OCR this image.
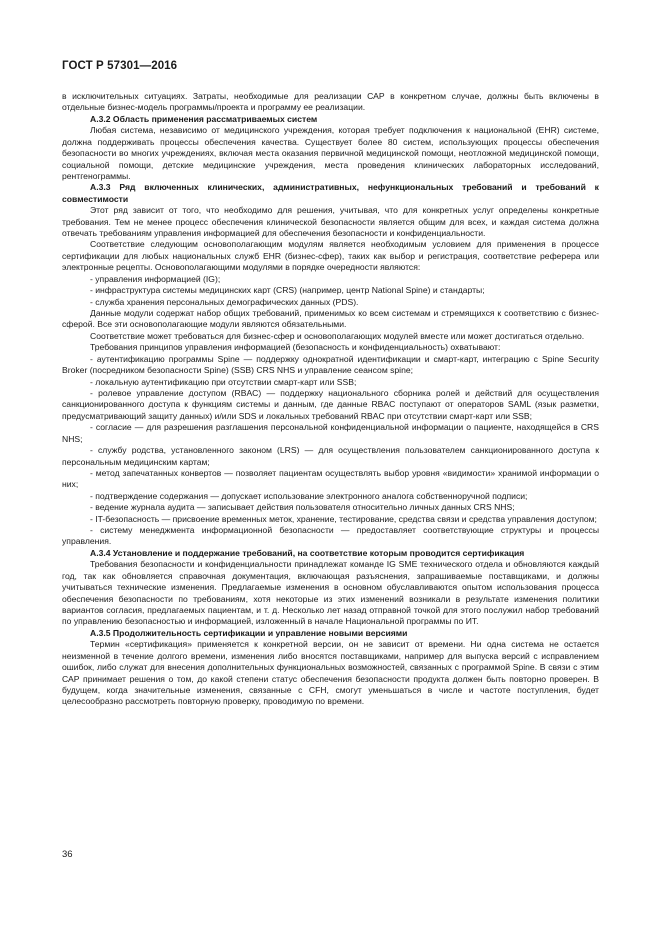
ГОСТ Р 57301—2016

в исключительных ситуациях. Затраты, необходимые для реализации САР в конкретном случае, должны быть включены в отдельные бизнес-модель программы/проекта и программу ее реализации.

А.3.2 Область применения рассматриваемых систем

Любая система, независимо от медицинского учреждения, которая требует подключения к национальной (EHR) системе, должна поддерживать процессы обеспечения качества. Существует более 80 систем, использующих процессы обеспечения безопасности во многих учреждениях, включая места оказания первичной медицинской помощи, неотложной медицинской помощи, социальной помощи, детские медицинские учреждения, места проведения клинических лабораторных исследований, рентгенограммы.

А.3.3 Ряд включенных клинических, административных, нефункциональных требований и требований к совместимости

Этот ряд зависит от того, что необходимо для решения, учитывая, что для конкретных услуг определены конкретные требования. Тем не менее процесс обеспечения клинической безопасности является общим для всех, и каждая система должна отвечать требованиям управления информацией для обеспечения безопасности и конфиденциальности.

Соответствие следующим основополагающим модулям является необходимым условием для применения в процессе сертификации для любых национальных служб EHR (бизнес-сфер), таких как выбор и регистрация, соответствие реферера или электронные рецепты. Основополагающими модулями в порядке очередности являются:

- управления информацией (IG);

- инфраструктура системы медицинских карт (CRS) (например, центр National Spine) и стандарты;

- служба хранения персональных демографических данных (PDS).

Данные модули содержат набор общих требований, применимых ко всем системам и стремящихся к соответствию с бизнес-сферой. Все эти основополагающие модули являются обязательными.

Соответствие может требоваться для бизнес-сфер и основополагающих модулей вместе или может достигаться отдельно.

Требования принципов управления информацией (безопасность и конфиденциальность) охватывают:

- аутентификацию программы Spine — поддержку однократной идентификации и смарт-карт, интеграцию с Spine Security Broker (посредником безопасности Spine) (SSB) CRS NHS и управление сеансом spine;

- локальную аутентификацию при отсутствии смарт-карт или SSB;

- ролевое управление доступом (RBAC) — поддержку национального сборника ролей и действий для осуществления санкционированного доступа к функциям системы и данным, где данные RBAC поступают от операторов SAML (язык разметки, предусматривающий защиту данных) и/или SDS и локальных требований RBAC при отсутствии смарт-карт или SSB;

- согласие — для разрешения разглашения персональной конфиденциальной информации о пациенте, находящейся в CRS NHS;

- службу родства, установленного законом (LRS) — для осуществления пользователем санкционированного доступа к персональным медицинским картам;

- метод запечатанных конвертов — позволяет пациентам осуществлять выбор уровня «видимости» хранимой информации о них;

- подтверждение содержания — допускает использование электронного аналога собственноручной подписи;

- ведение журнала аудита — записывает действия пользователя относительно личных данных CRS NHS;

- IT-безопасность — присвоение временных меток, хранение, тестирование, средства связи и средства управления доступом;

- систему менеджмента информационной безопасности — предоставляет соответствующие структуры и процессы управления.

А.3.4 Установление и поддержание требований, на соответствие которым проводится сертификация

Требования безопасности и конфиденциальности принадлежат команде IG SME технического отдела и обновляются каждый год, так как обновляется справочная документация, включающая разъяснения, запрашиваемые поставщиками, и должны учитываться технические изменения. Предлагаемые изменения в основном обуславливаются опытом использования процесса обеспечения безопасности по требованиям, хотя некоторые из этих изменений возникали в результате изменения политики вариантов согласия, предлагаемых пациентам, и т. д. Несколько лет назад отправной точкой для этого послужил набор требований по управлению безопасностью и информацией, изложенный в начале Национальной программы по ИТ.

А.3.5 Продолжительность сертификации и управление новыми версиями

Термин «сертификация» применяется к конкретной версии, он не зависит от времени. Ни одна система не остается неизменной в течение долгого времени, изменения либо вносятся поставщиками, например для выпуска версий с исправлением ошибок, либо служат для внесения дополнительных функциональных возможностей, связанных с программой Spine. В связи с этим САР принимает решения о том, до какой степени статус обеспечения безопасности продукта должен быть повторно проверен. В будущем, когда значительные изменения, связанные с CFH, смогут уменьшаться в числе и частоте поступления, будет целесообразно рассмотреть повторную проверку, проводимую по времени.

36
